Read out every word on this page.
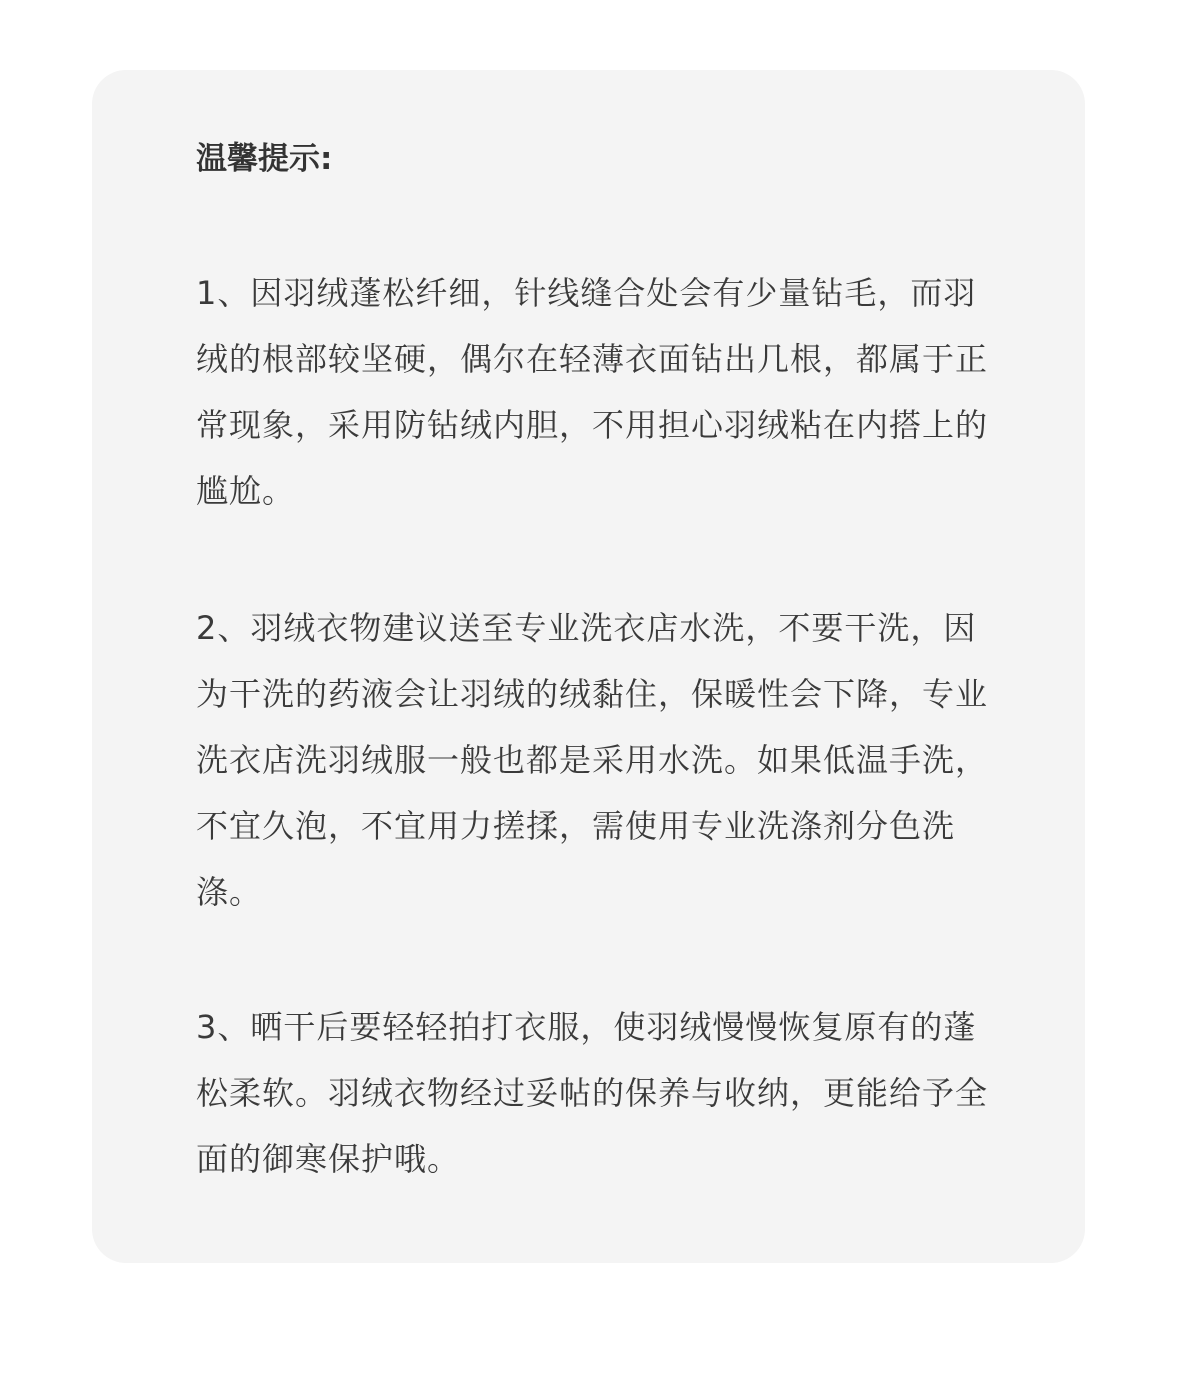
温馨提示:

1、因羽绒蓬松纤细，针线缝合处会有少量钻毛，而羽绒的根部较坚硬，偶尔在轻薄衣面钻出几根，都属于正常现象，采用防钻绒内胆，不用担心羽绒粘在内搭上的尴尬。

2、羽绒衣物建议送至专业洗衣店水洗，不要干洗，因为干洗的药液会让羽绒的绒黏住，保暖性会下降，专业洗衣店洗羽绒服一般也都是采用水洗。如果低温手洗，不宜久泡，不宜用力搓揉，需使用专业洗涤剂分色洗涤。

3、晒干后要轻轻拍打衣服，使羽绒慢慢恢复原有的蓬松柔软。羽绒衣物经过妥帖的保养与收纳，更能给予全面的御寒保护哦。
